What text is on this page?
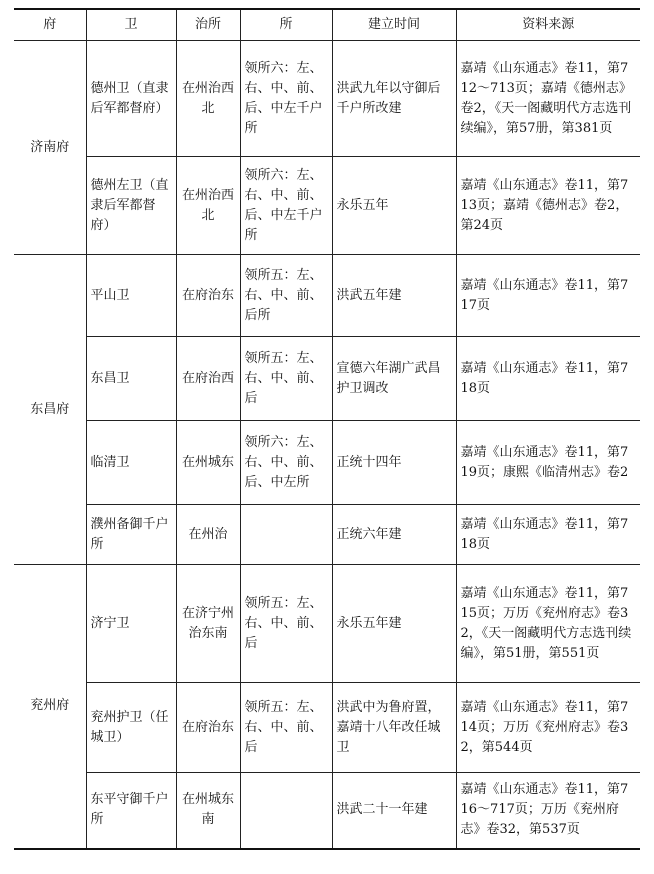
府	卫	治所	所	建立时间	资料来源
济南府	德州卫（直隶后军都督府）	在州治西北	领所六：左、右、中、前、后、中左千户所	洪武九年以守御后千户所改建	嘉靖《山东通志》卷11，第712～713页；嘉靖《德州志》卷2，《天一阁藏明代方志选刊续编》，第57册，第381页
	德州左卫（直隶后军都督府）	在州治西北	领所六：左、右、中、前、后、中左千户所	永乐五年	嘉靖《山东通志》卷11，第713页；嘉靖《德州志》卷2，第24页
东昌府	平山卫	在府治东	领所五：左、右、中、前、后所	洪武五年建	嘉靖《山东通志》卷11，第717页
	东昌卫	在府治西	领所五：左、右、中、前、后	宣德六年湖广武昌护卫调改	嘉靖《山东通志》卷11，第718页
	临清卫	在州城东	领所六：左、右、中、前、后、中左所	正统十四年	嘉靖《山东通志》卷11，第719页；康熙《临清州志》卷2
	濮州备御千户所	在州治		正统六年建	嘉靖《山东通志》卷11，第718页
兖州府	济宁卫	在济宁州治东南	领所五：左、右、中、前、后	永乐五年建	嘉靖《山东通志》卷11，第715页；万历《兖州府志》卷32，《天一阁藏明代方志选刊续编》，第51册，第551页
	兖州护卫（任城卫）	在府治东	领所五：左、右、中、前、后	洪武中为鲁府置，嘉靖十八年改任城卫	嘉靖《山东通志》卷11，第714页；万历《兖州府志》卷32，第544页
	东平守御千户所	在州城东南		洪武二十一年建	嘉靖《山东通志》卷11，第716～717页；万历《兖州府志》卷32，第537页
